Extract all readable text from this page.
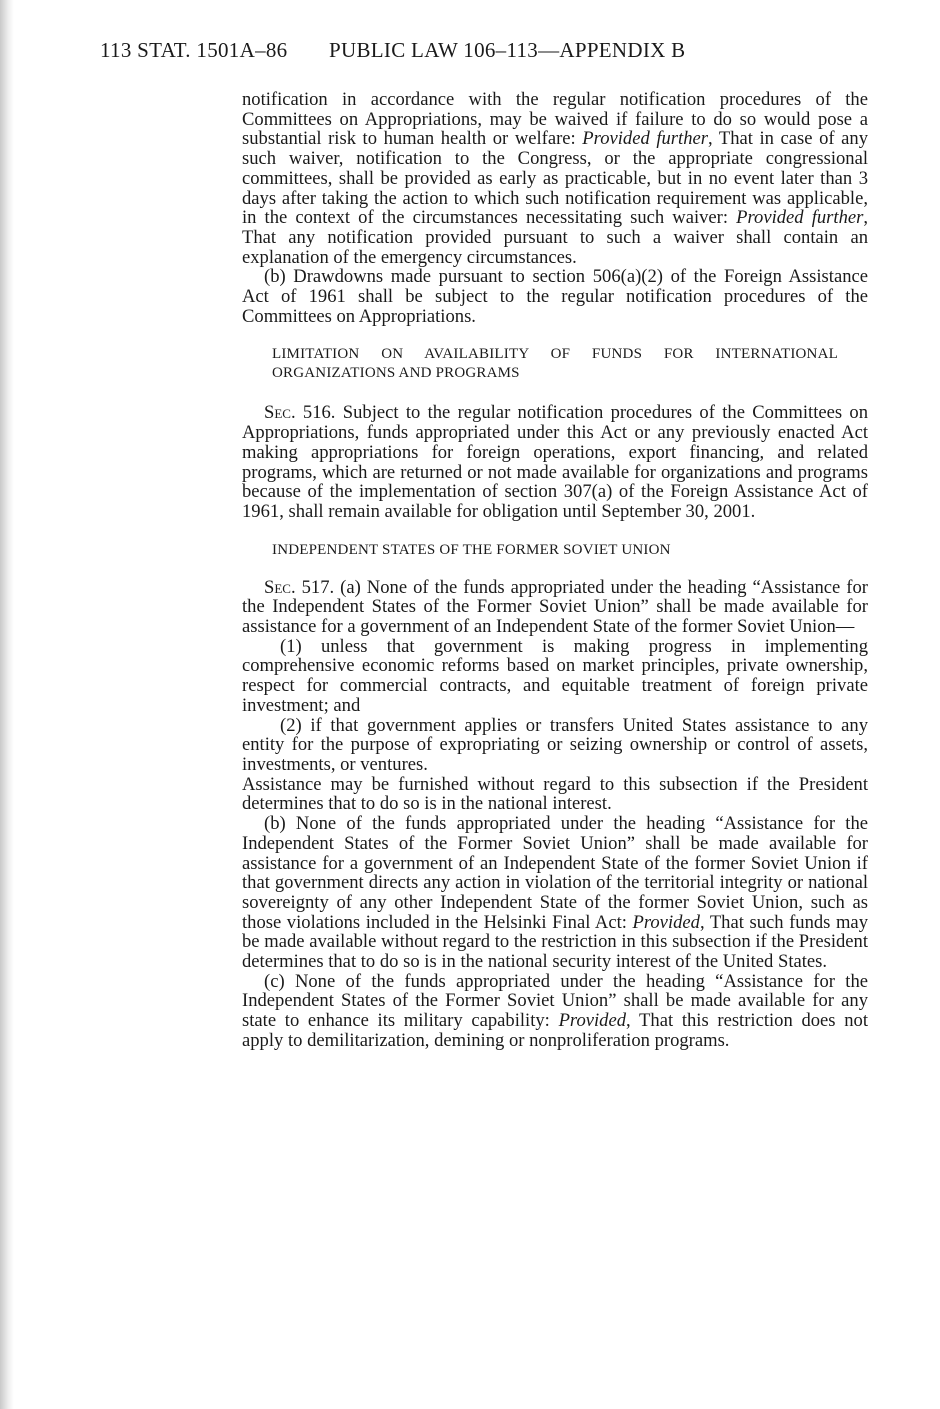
113 STAT. 1501A–86 PUBLIC LAW 106–113—APPENDIX B

notification in accordance with the regular notification procedures of the Committees on Appropriations, may be waived if failure to do so would pose a substantial risk to human health or welfare: Provided further, That in case of any such waiver, notification to the Congress, or the appropriate congressional committees, shall be provided as early as practicable, but in no event later than 3 days after taking the action to which such notification requirement was applicable, in the context of the circumstances necessitating such waiver: Provided further, That any notification provided pursuant to such a waiver shall contain an explanation of the emergency circumstances.

(b) Drawdowns made pursuant to section 506(a)(2) of the Foreign Assistance Act of 1961 shall be subject to the regular notification procedures of the Committees on Appropriations.

LIMITATION ON AVAILABILITY OF FUNDS FOR INTERNATIONAL ORGANIZATIONS AND PROGRAMS

Sec. 516. Subject to the regular notification procedures of the Committees on Appropriations, funds appropriated under this Act or any previously enacted Act making appropriations for foreign operations, export financing, and related programs, which are returned or not made available for organizations and programs because of the implementation of section 307(a) of the Foreign Assistance Act of 1961, shall remain available for obligation until September 30, 2001.

INDEPENDENT STATES OF THE FORMER SOVIET UNION

Sec. 517. (a) None of the funds appropriated under the heading “Assistance for the Independent States of the Former Soviet Union” shall be made available for assistance for a government of an Independent State of the former Soviet Union—

(1) unless that government is making progress in implementing comprehensive economic reforms based on market principles, private ownership, respect for commercial contracts, and equitable treatment of foreign private investment; and

(2) if that government applies or transfers United States assistance to any entity for the purpose of expropriating or seizing ownership or control of assets, investments, or ventures.

Assistance may be furnished without regard to this subsection if the President determines that to do so is in the national interest.

(b) None of the funds appropriated under the heading “Assistance for the Independent States of the Former Soviet Union” shall be made available for assistance for a government of an Independent State of the former Soviet Union if that government directs any action in violation of the territorial integrity or national sovereignty of any other Independent State of the former Soviet Union, such as those violations included in the Helsinki Final Act: Provided, That such funds may be made available without regard to the restriction in this subsection if the President determines that to do so is in the national security interest of the United States.

(c) None of the funds appropriated under the heading “Assistance for the Independent States of the Former Soviet Union” shall be made available for any state to enhance its military capability: Provided, That this restriction does not apply to demilitarization, demining or nonproliferation programs.
